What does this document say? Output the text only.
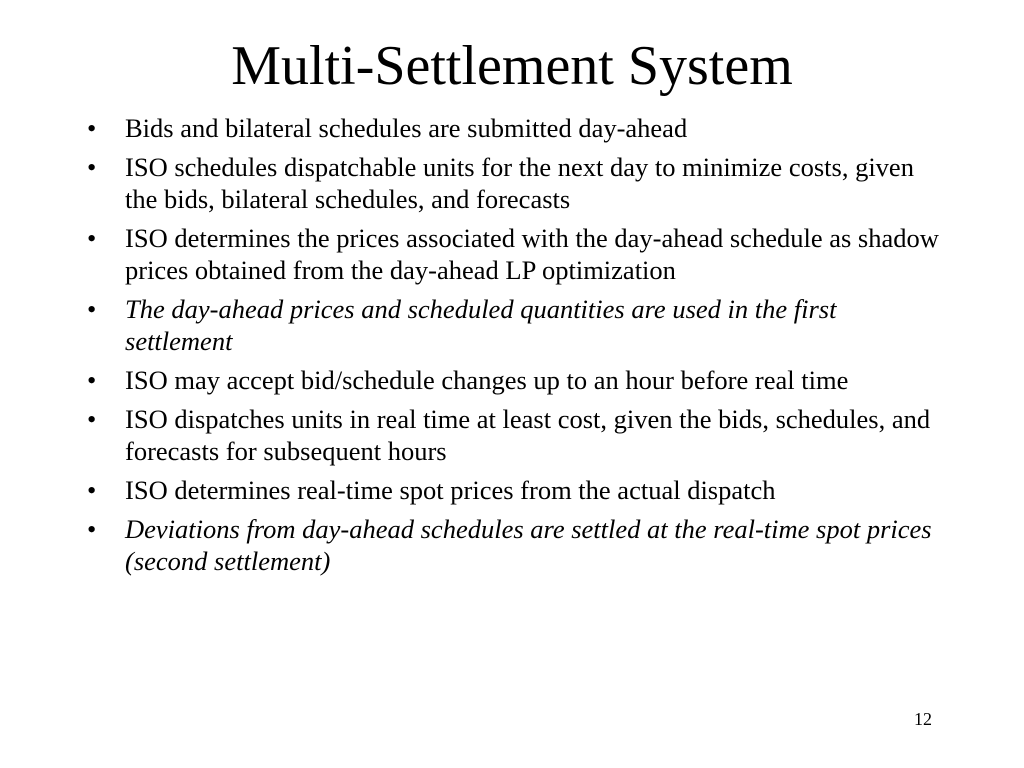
Multi-Settlement System
•	Bids and bilateral schedules are submitted day-ahead
•	ISO schedules dispatchable units for the next day to minimize costs, given the bids, bilateral schedules, and forecasts
•	ISO determines the prices associated with the day-ahead schedule as shadow prices obtained from the day-ahead LP optimization
•	The day-ahead prices and scheduled quantities are used in the first settlement
•	ISO may accept bid/schedule changes up to an hour before real time
•	ISO dispatches units in real time at least cost, given the bids, schedules, and forecasts for subsequent hours
•	ISO determines real-time spot prices from the actual dispatch
•	Deviations from day-ahead schedules are settled at the real-time spot prices (second settlement)
12
